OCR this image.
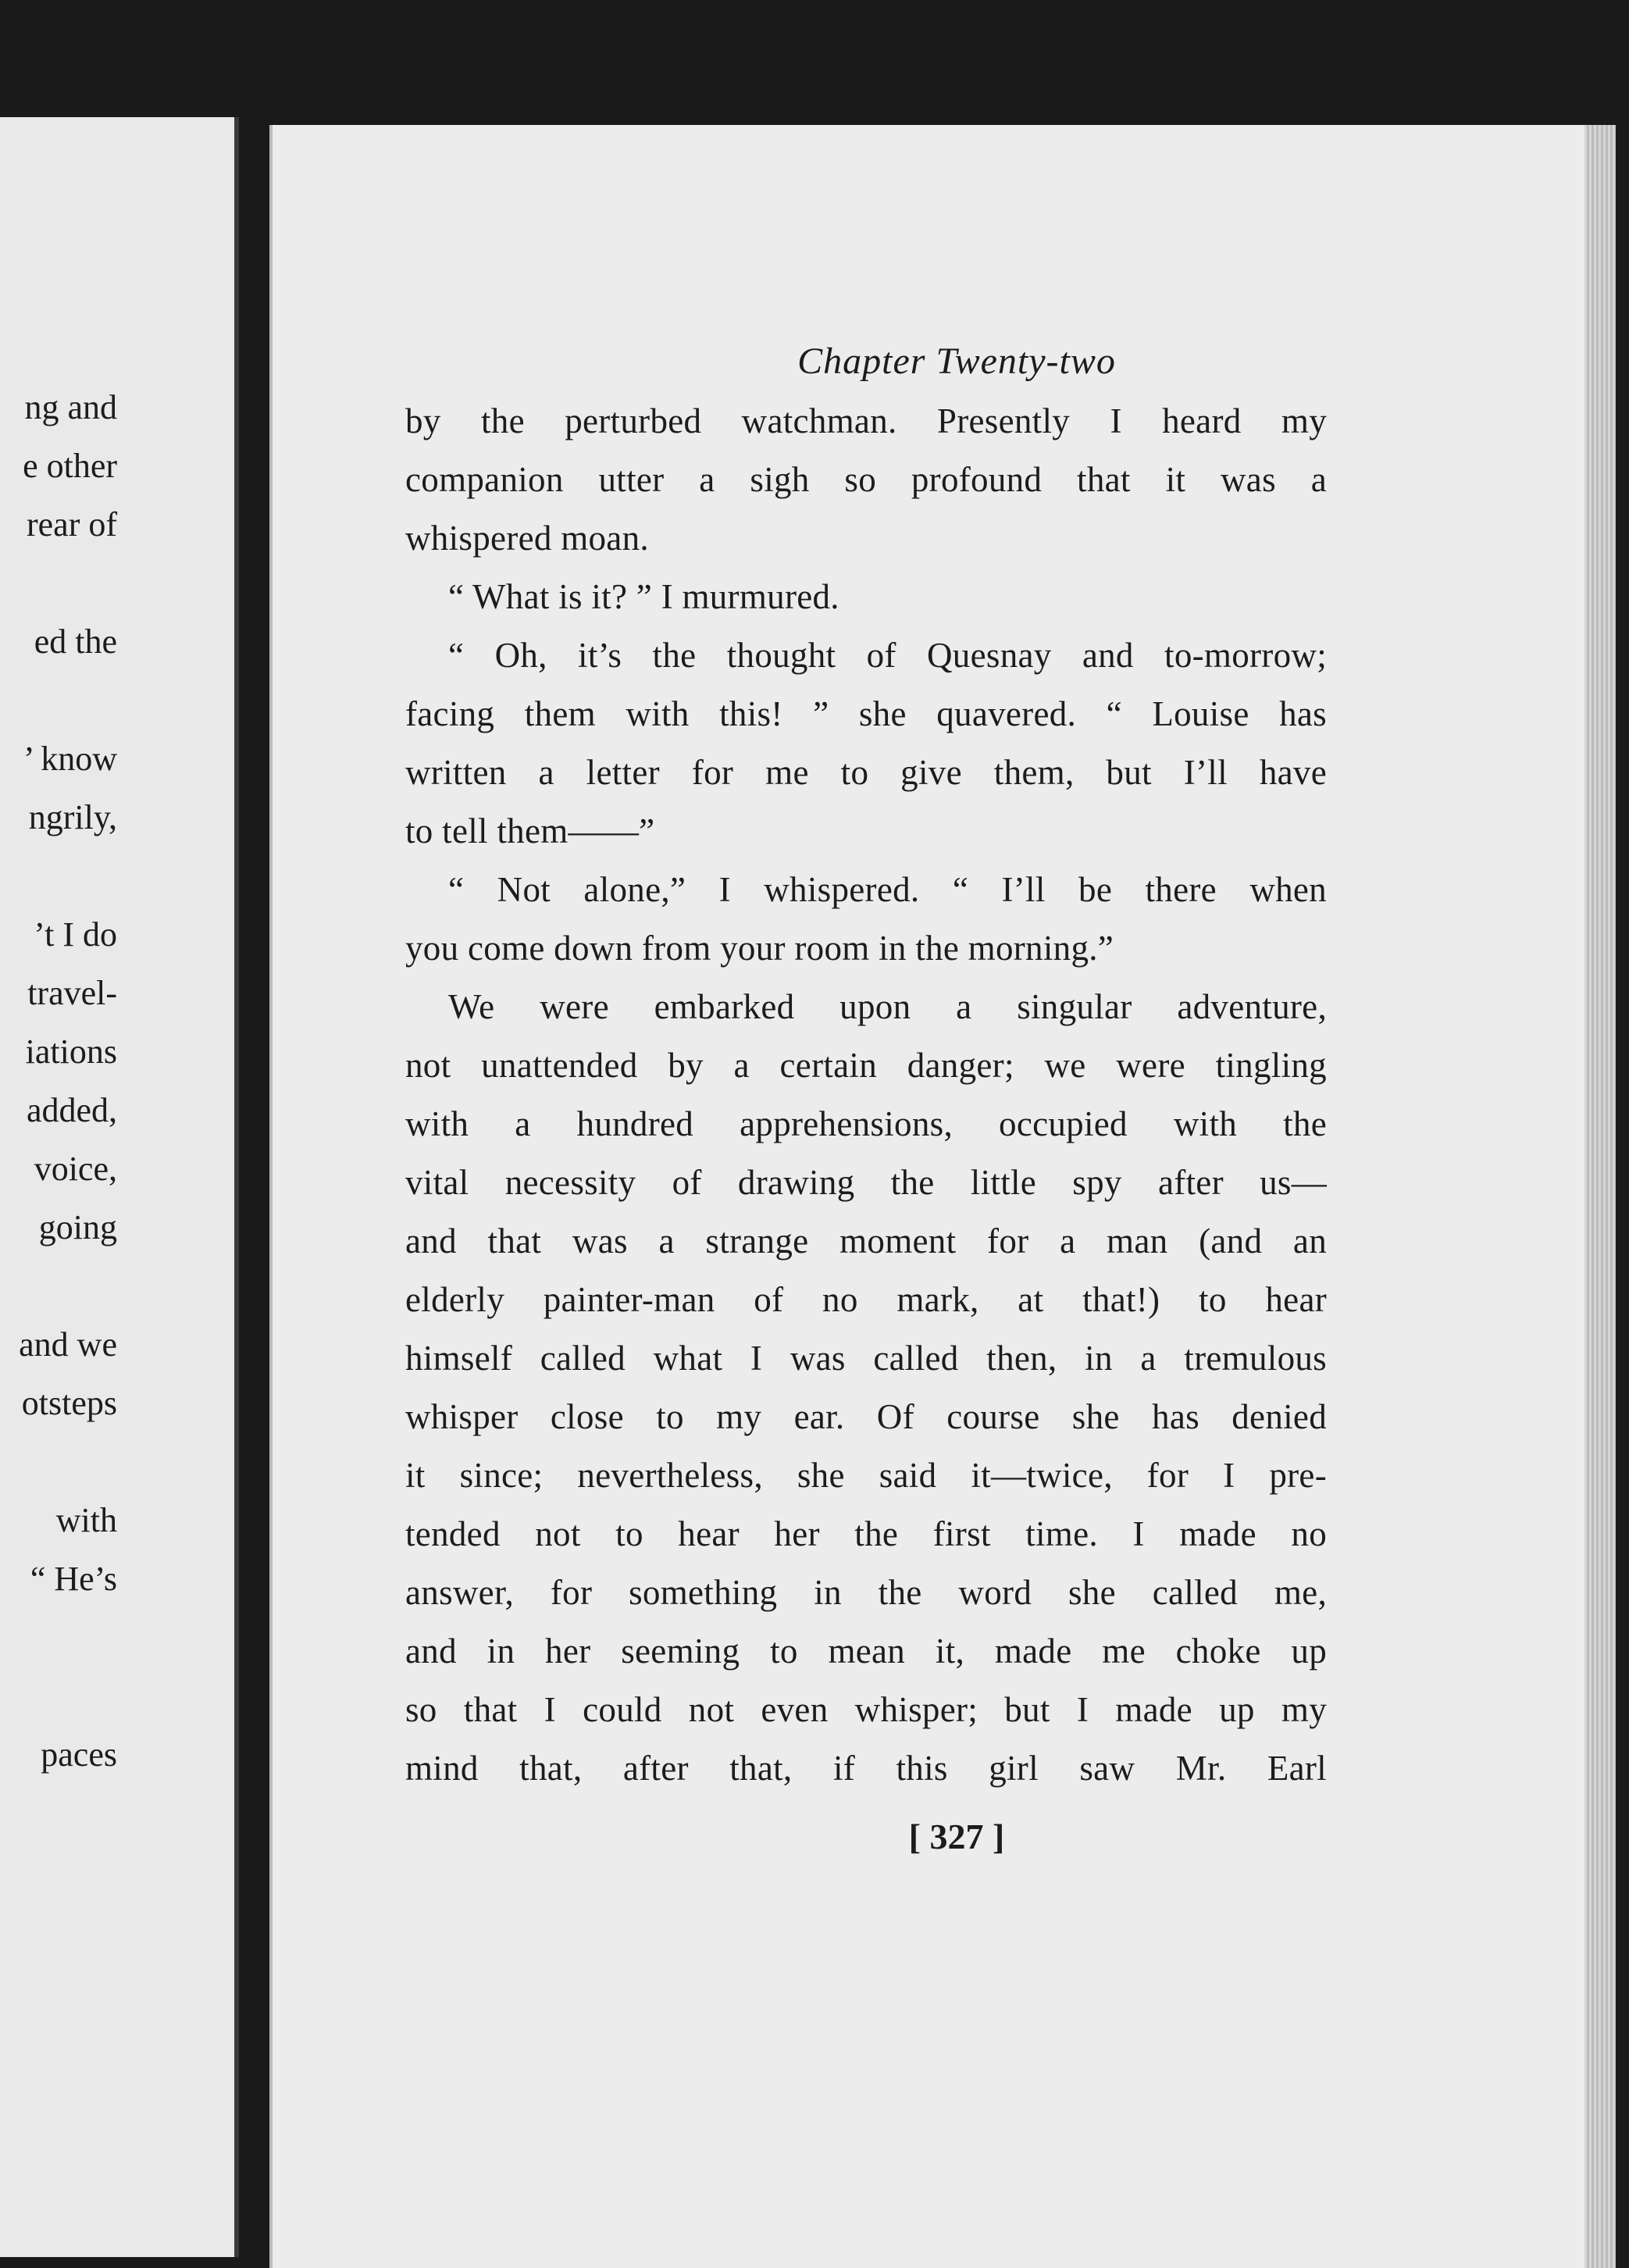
ng and
e other
rear of
ed the
’ know
ngrily,
’t I do
travel-
iations
added,
voice,
going
and we
otsteps
with
“ He’s
paces
Chapter Twenty-two
by the perturbed watchman. Presently I heard my
companion utter a sigh so profound that it was a
whispered moan.
“ What is it? ” I murmured.
“ Oh, it’s the thought of Quesnay and to-morrow;
facing them with this! ” she quavered. “ Louise has
written a letter for me to give them, but I’ll have
to tell them——”
“ Not alone,” I whispered. “ I’ll be there when
you come down from your room in the morning.”
We were embarked upon a singular adventure,
not unattended by a certain danger; we were tingling
with a hundred apprehensions, occupied with the
vital necessity of drawing the little spy after us—
and that was a strange moment for a man (and an
elderly painter-man of no mark, at that!) to hear
himself called what I was called then, in a tremulous
whisper close to my ear. Of course she has denied
it since; nevertheless, she said it—twice, for I pre-
tended not to hear her the first time. I made no
answer, for something in the word she called me,
and in her seeming to mean it, made me choke up
so that I could not even whisper; but I made up my
mind that, after that, if this girl saw Mr. Earl
[ 327 ]
